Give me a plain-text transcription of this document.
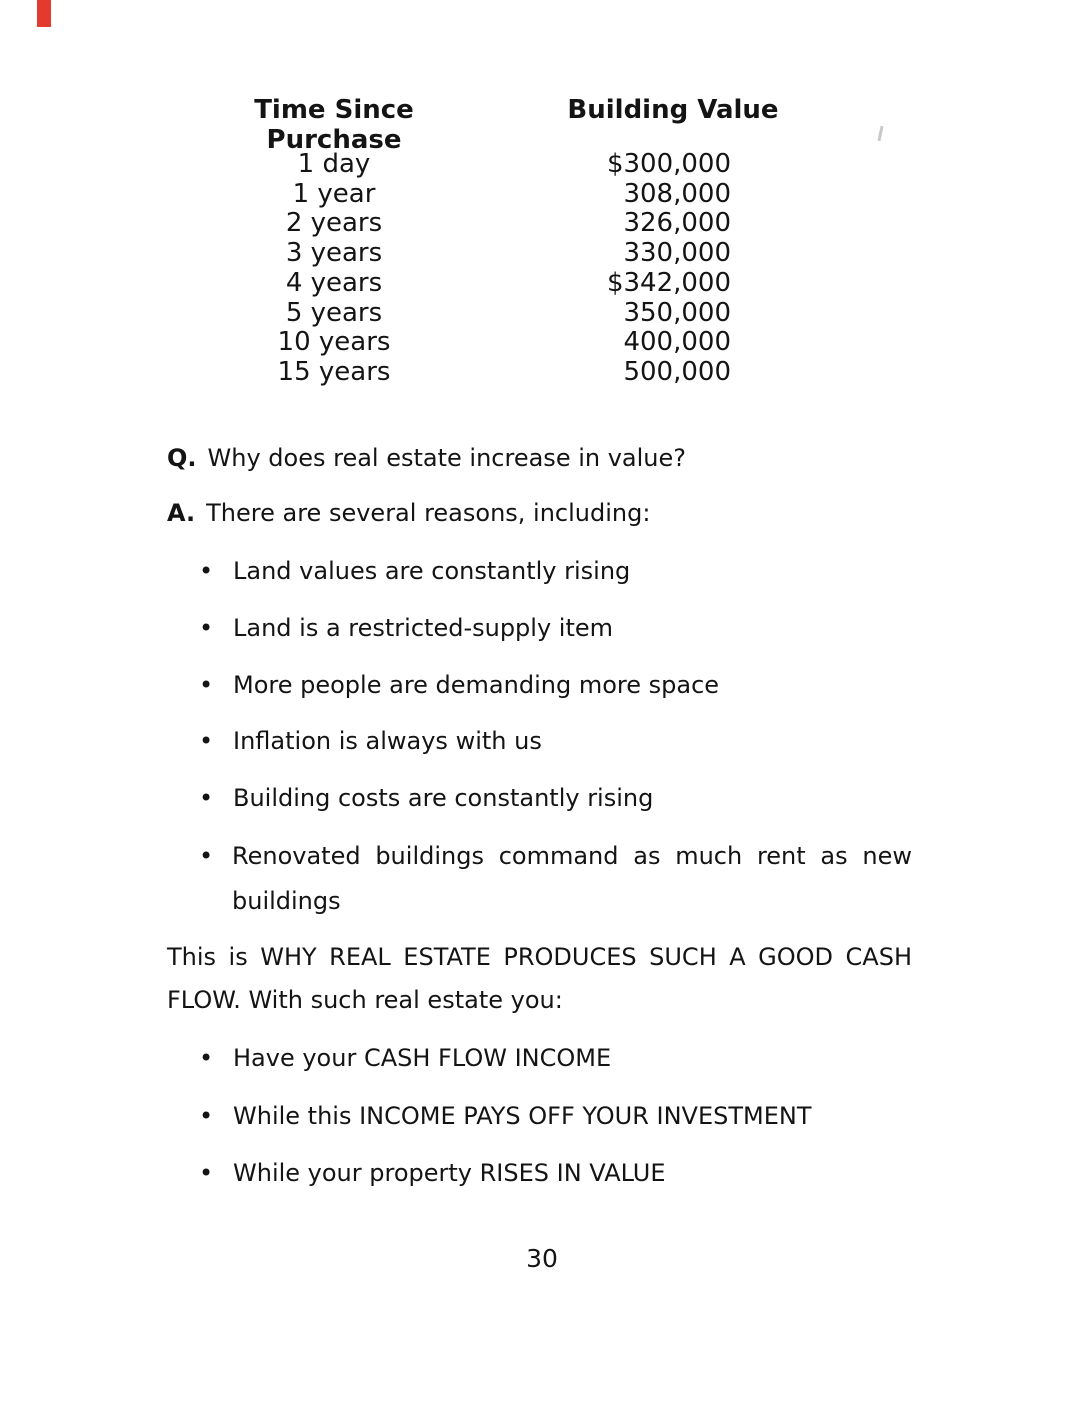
Time Since
Purchase
Building Value
1 day
1 year
2 years
3 years
4 years
5 years
10 years
15 years
$300,000
308,000
326,000
330,000
$342,000
350,000
400,000
500,000
Q. Why does real estate increase in value?
A. There are several reasons, including:
• Land values are constantly rising
• Land is a restricted-supply item
• More people are demanding more space
• Inflation is always with us
• Building costs are constantly rising
• Renovated buildings command as much rent as new
buildings
This is WHY REAL ESTATE PRODUCES SUCH A GOOD CASH
FLOW. With such real estate you:
• Have your CASH FLOW INCOME
• While this INCOME PAYS OFF YOUR INVESTMENT
• While your property RISES IN VALUE
30
